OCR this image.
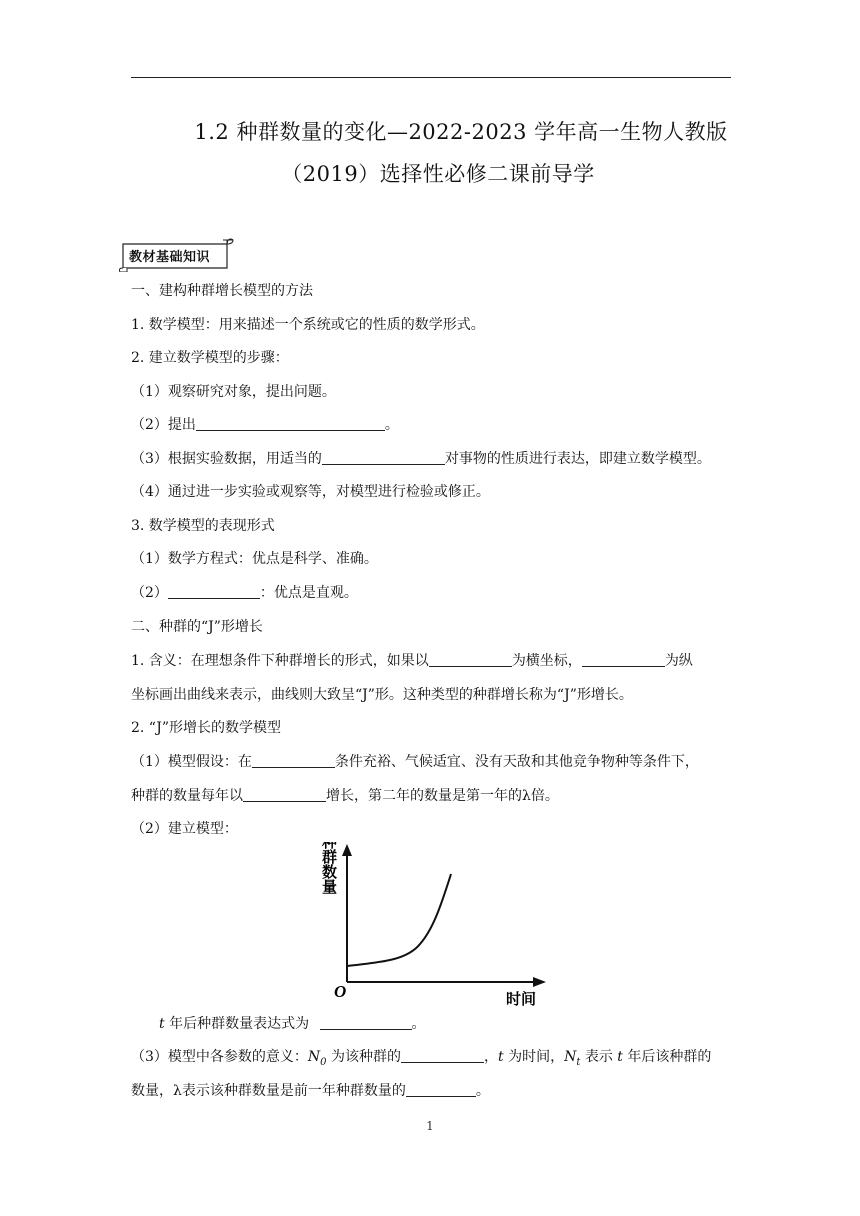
1.2 种群数量的变化—2022-2023 学年高一生物人教版
（2019）选择性必修二课前导学
教材基础知识
一、建构种群增长模型的方法
1. 数学模型：用来描述一个系统或它的性质的数学形式。
2. 建立数学模型的步骤：
（1）观察研究对象，提出问题。
（2）提出	。
（3）根据实验数据，用适当的	对事物的性质进行表达，即建立数学模型。
（4）通过进一步实验或观察等，对模型进行检验或修正。
3. 数学模型的表现形式
（1）数学方程式：优点是科学、准确。
（2）	：优点是直观。
二、种群的“J”形增长
1. 含义：在理想条件下种群增长的形式，如果以	为横坐标，	为纵
坐标画出曲线来表示，曲线则大致呈“J”形。这种类型的种群增长称为“J”形增长。
2. “J”形增长的数学模型
（1）模型假设：在	条件充裕、气候适宜、没有天敌和其他竞争物种等条件下，
种群的数量每年以	增长，第二年的数量是第一年的λ倍。
（2）建立模型：
种群数量
O	时间
t 年后种群数量表达式为	。
（3）模型中各参数的意义：$N_0$ 为该种群的	，t 为时间，$N_t$ 表示 t 年后该种群的
数量，λ表示该种群数量是前一年种群数量的	。
1
